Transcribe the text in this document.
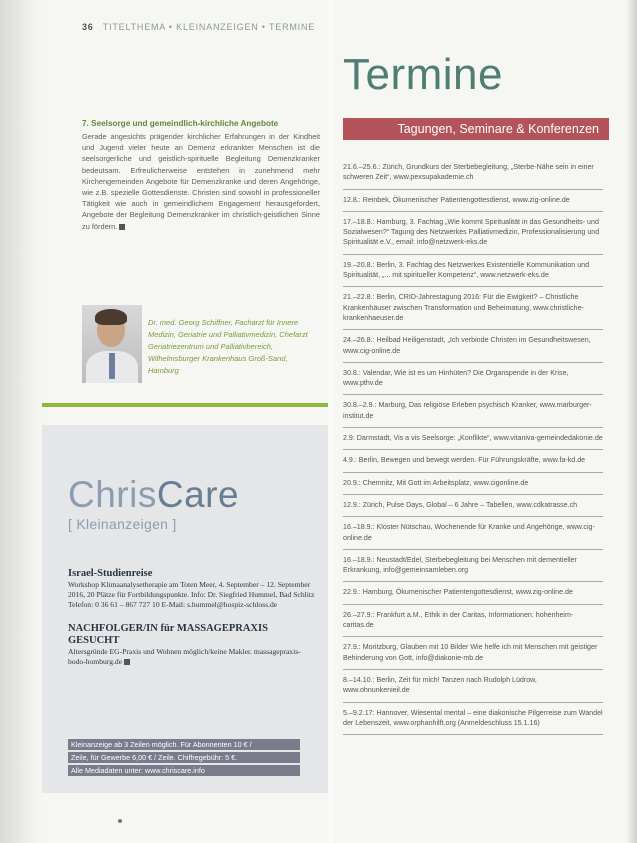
36 TITELTHEMA • KLEINANZEIGEN • TERMINE
Termine

7. Seelsorge und gemeindlich-kirchliche Angebote

Gerade angesichts prägender kirchlicher Erfahrungen in der Kindheit und Jugend vieler heute an Demenz erkrankter Menschen ist die seelsorgerliche und geistlich-spirituelle Begleitung Demenzkranker bedeutsam. Erfreulicherweise entstehen in zunehmend mehr Kirchengemeinden Angebote für Demenzkranke und deren Angehörige, wie z.B. spezielle Gottesdienste. Christen sind sowohl in professioneller Tätigkeit wie auch in gemeindlichem Engagement herausgefordert, Angebote der Begleitung Demenzkranker im christlich-geistlichen Sinne zu fördern.

Dr. med. Georg Schiffner, Facharzt für Innere Medizin, Geriatrie und Palliativmedizin, Chefarzt Geriatriezentrum und Palliativbereich, Wilhelmsburger Krankenhaus Groß-Sand, Hamburg
ChrisCare
[ Kleinanzeigen ]

Israel-Studienreise

Workshop Klimaanalysetherapie am Toten Meer, 4. September – 12. September 2016, 20 Plätze für Fortbildungspunkte. Info: Dr. Siegfried Hummel, Bad Schlitz Telefon: 0 36 61 – 867 727 10 E-Mail: s.hummel@hospiz-schloss.de

NACHFOLGER/IN für MASSAGEPRAXIS GESUCHT

Altersgründe EG-Praxis und Wohnen möglich/keine Makler. massagepraxis-bodo-homburg.de

Kleinanzeige ab 3 Zeilen möglich. Für Abonnenten 10 € /
Zeile, für Gewerbe 6,00 € / Zeile. Chiffregebühr: 5 €.
Alle Mediadaten unter: www.chriscare.info
Tagungen, Seminare & Konferenzen
21.6.–25.6.: Zürich, Grundkurs der Sterbebegleitung, „Sterbe-Nähe sein in einer schweren Zeit“, www.pexsupakademie.ch
12.8.: Reinbek, Ökumenischer Patientengottesdienst, www.zig-online.de
17.–18.8.: Hamburg, 3. Fachtag „Wie kommt Spiritualität in das Gesundheits- und Sozialwesen?“ Tagung des Netzwerkes Palliativmedizin, Professionalisierung und Spiritualität e.V., email: info@netzwerk-eks.de
19.–20.8.: Berlin, 3. Fachtag des Netzwerkes Existentielle Kommunikation und Spiritualität, „... mit spiritueller Kompetenz“, www.netzwerk-eks.de
21.–22.8.: Berlin, CRID-Jahrestagung 2016: Für die Ewigkeit? – Christliche Krankenhäuser zwischen Transformation und Beheimatung, www.christliche-krankenhaeuser.de
24.–26.8.: Heilbad Heiligenstadt, „Ich verbinde Christen im Gesundheitswesen, www.cig-online.de
30.8.: Valendar, Wie ist es um Hinhüten? Die Organspende in der Krise, www.pthv.de
30.8.–2.9.: Marburg, Das religiöse Erleben psychisch Kranker, www.marburger-institut.de
2.9: Darmstadt, Vis a vis Seelsorge: „Konflikte“, www.vitaniva-gemeindedakonie.de
4.9.: Berlin, Bewegen und bewegt werden. Für Führungskräfte, www.fa-kd.de
20.9.: Chemnitz, Mit Gott im Arbeitsplatz, www.cigonline.de
12.9.: Zürich, Pulse Days, Global – 6 Jahre – Tabellen, www.cdkatrasse.ch
16.–18.9.: Kloster Nütschau, Wochenende für Kranke und Angehörige, www.cig-online.de
16.–18.9.: Neustadt/Edel, Sterbebegleitung bei Menschen mit dementieller Erkrankung, info@gemeinsamleben.org
22.9.: Hamburg, Ökumenischer Patientengottesdienst, www.zig-online.de
26.–27.9.: Frankfurt a.M., Ethik in der Caritas, Informationen: hohenheim-caritas.de
27.9.: Moritzburg, Glauben mit 10 Bilder Wie helfe ich mit Menschen mit geistiger Behinderung von Gott, info@diakonie-mb.de
8.–14.10.: Berlin, Zeit für mich! Tanzen nach Rudolph Lüdrow, www.ohnunkenieil.de
5.–9.2.17: Hannover, Wiesental mental – eine diakonische Pilgerreise zum Wandel der Lebenszeit, www.orphanhilft.org (Anmeldeschluss 15.1.16)
